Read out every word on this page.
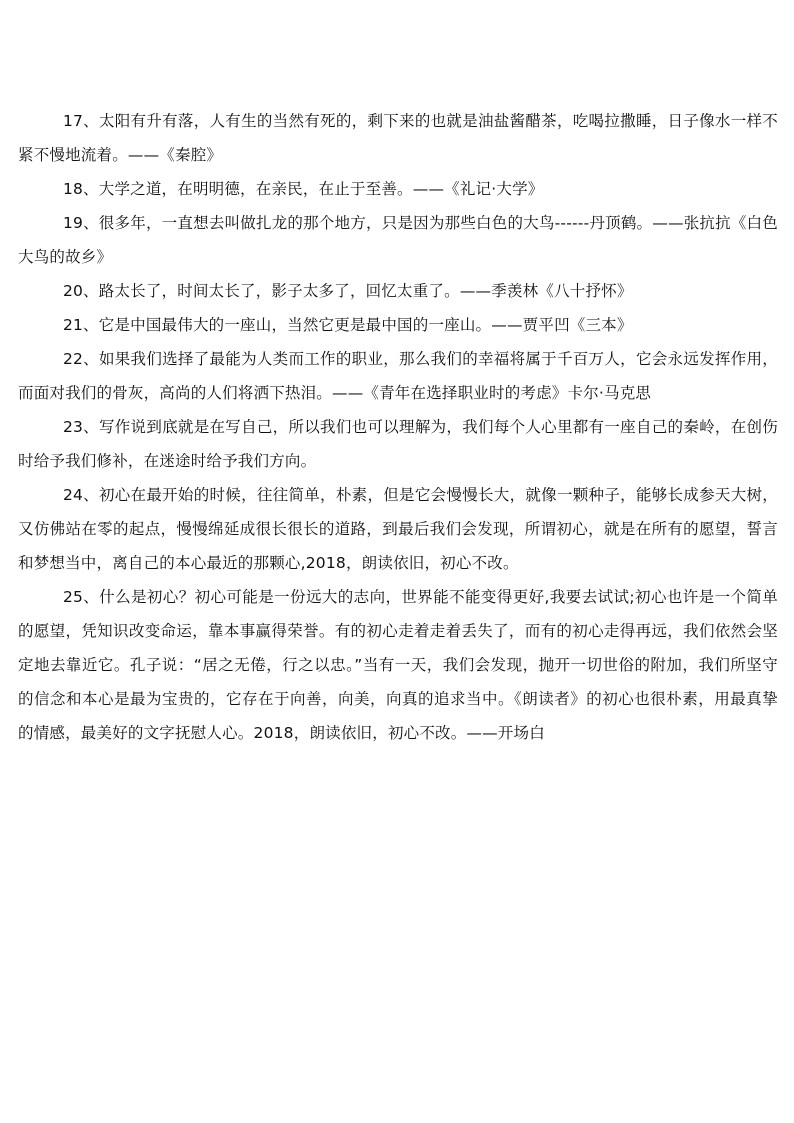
17、太阳有升有落，人有生的当然有死的，剩下来的也就是油盐酱醋茶，吃喝拉撒睡，日子像水一样不紧不慢地流着。——《秦腔》

18、大学之道，在明明德，在亲民，在止于至善。——《礼记·大学》

19、很多年，一直想去叫做扎龙的那个地方，只是因为那些白色的大鸟------丹顶鹤。——张抗抗《白色大鸟的故乡》

20、路太长了，时间太长了，影子太多了，回忆太重了。——季羡林《八十抒怀》

21、它是中国最伟大的一座山，当然它更是最中国的一座山。——贾平凹《三本》

22、如果我们选择了最能为人类而工作的职业，那么我们的幸福将属于千百万人，它会永远发挥作用，而面对我们的骨灰，高尚的人们将洒下热泪。——《青年在选择职业时的考虑》卡尔·马克思

23、写作说到底就是在写自己，所以我们也可以理解为，我们每个人心里都有一座自己的秦岭，在创伤时给予我们修补，在迷途时给予我们方向。

24、初心在最开始的时候，往往简单，朴素，但是它会慢慢长大，就像一颗种子，能够长成参天大树，又仿佛站在零的起点，慢慢绵延成很长很长的道路，到最后我们会发现，所谓初心，就是在所有的愿望，誓言和梦想当中，离自己的本心最近的那颗心,2018，朗读依旧，初心不改。

25、什么是初心？初心可能是一份远大的志向，世界能不能变得更好,我要去试试;初心也许是一个简单的愿望，凭知识改变命运，靠本事赢得荣誉。有的初心走着走着丢失了，而有的初心走得再远，我们依然会坚定地去靠近它。孔子说：“居之无倦，行之以忠。”当有一天，我们会发现，抛开一切世俗的附加，我们所坚守的信念和本心是最为宝贵的，它存在于向善，向美，向真的追求当中。《朗读者》的初心也很朴素，用最真挚的情感，最美好的文字抚慰人心。2018，朗读依旧，初心不改。——开场白
